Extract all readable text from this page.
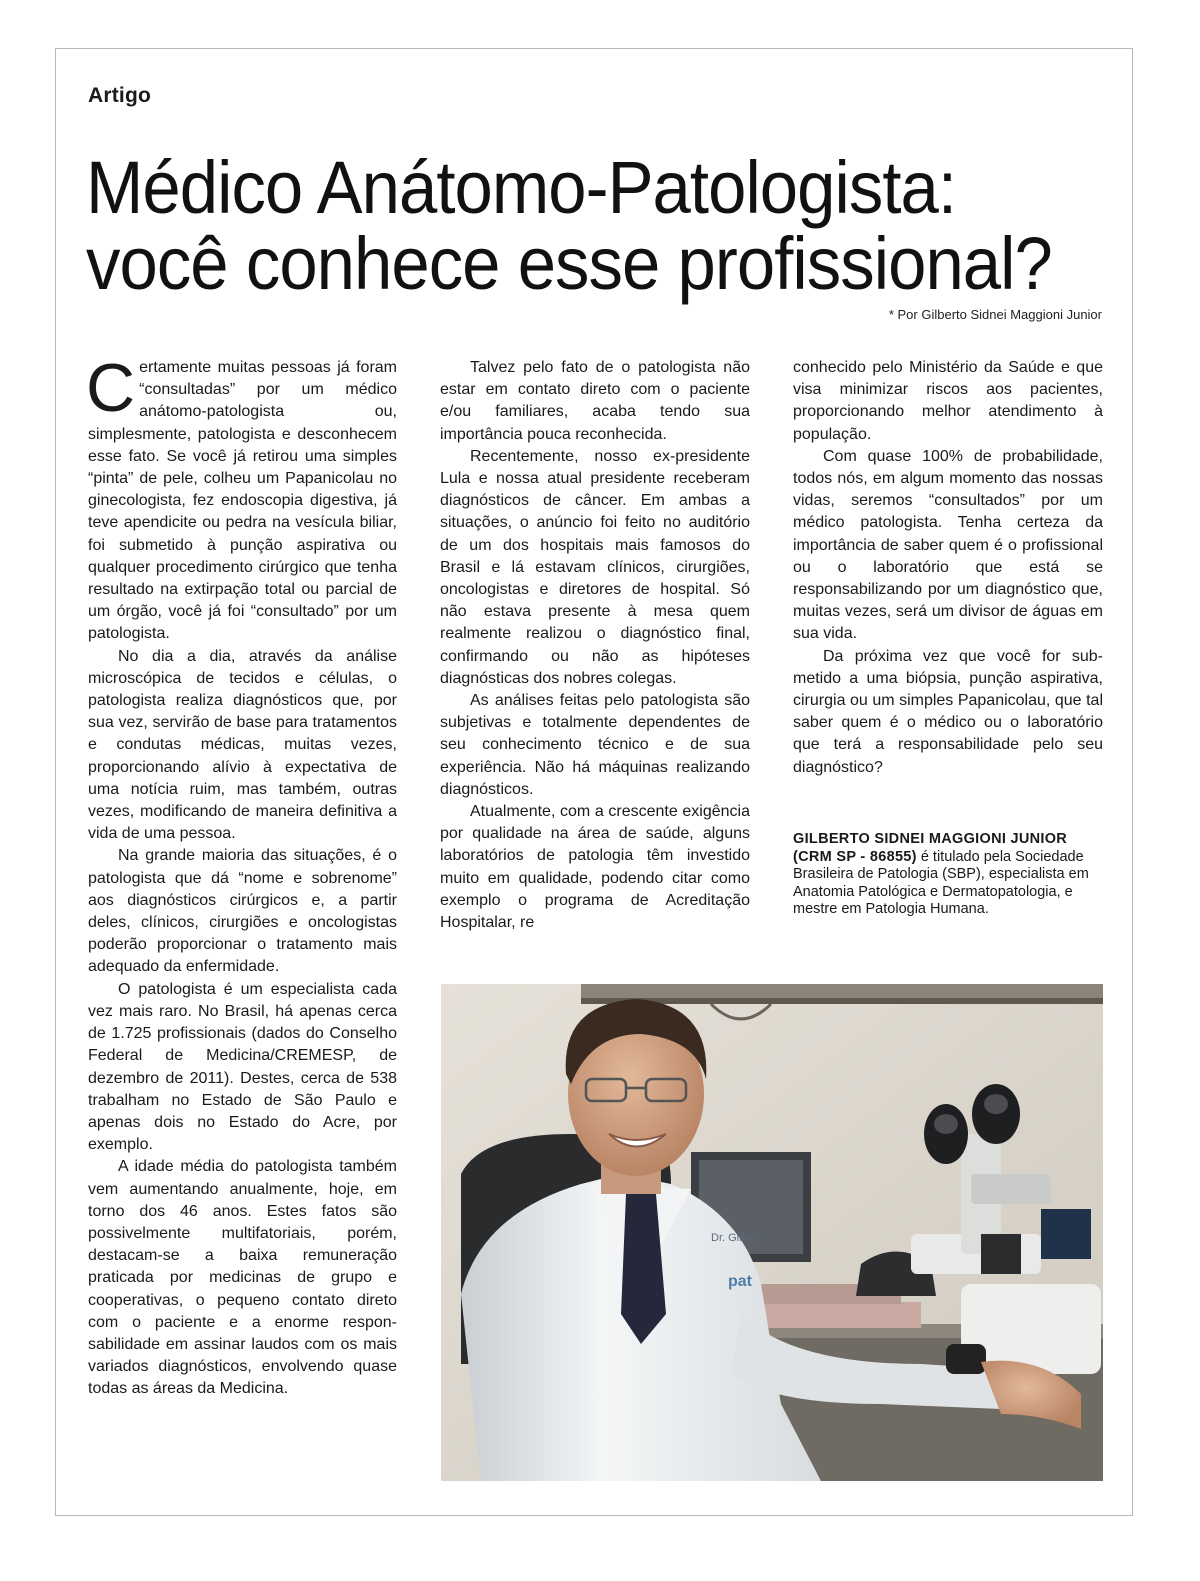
Artigo
Médico Anátomo-Patologista:
você conhece esse profissional?
* Por Gilberto Sidnei Maggioni Junior

Certamente muitas pessoas já foram “consultadas” por um médico anátomo-patologista ou, simplesmente, patologista e desconhecem esse fato. Se você já retirou uma simples “pinta” de pele, colheu um Papanicolau no ginecologista, fez endoscopia digestiva, já teve apendicite ou pedra na vesícula biliar, foi submetido à punção aspirativa ou qualquer procedimento cirúrgico que tenha resultado na extirpação total ou parcial de um órgão, você já foi “consultado” por um patologista.

No dia a dia, através da análise microscópica de tecidos e células, o patologista realiza diagnósticos que, por sua vez, servirão de base para tratamentos e condutas médicas, muitas vezes, proporcionando alívio à expectativa de uma notícia ruim, mas também, outras vezes, modificando de maneira definitiva a vida de uma pessoa.

Na grande maioria das situações, é o patologista que dá “nome e sobrenome” aos diagnósticos cirúrgicos e, a partir deles, clínicos, cirurgiões e oncologistas poderão proporcionar o tratamento mais adequado da enfermidade.

O patologista é um especialista cada vez mais raro. No Brasil, há apenas cerca de 1.725 profissionais (dados do Conselho Federal de Medicina/CREMESP, de dezembro de 2011). Destes, cerca de 538 trabalham no Estado de São Paulo e apenas dois no Estado do Acre, por exemplo.

A idade média do patologista também vem aumentando anualmente, hoje, em torno dos 46 anos. Estes fatos são possivelmente multifatoriais, porém, destacam-se a baixa remuneração praticada por medicinas de grupo e cooperativas, o pequeno contato direto com o paciente e a enorme responsabilidade em assinar laudos com os mais variados diagnósticos, envolvendo quase todas as áreas da Medicina.

Talvez pelo fato de o patologista não estar em contato direto com o paciente e/ou familiares, acaba tendo sua importância pouca reconhecida.

Recentemente, nosso ex-presidente Lula e nossa atual presidente receberam diagnósticos de câncer. Em ambas a situações, o anúncio foi feito no auditório de um dos hospitais mais famosos do Brasil e lá estavam clínicos, cirurgiões, oncologistas e diretores de hospital. Só não estava presente à mesa quem realmente realizou o diagnóstico final, confirmando ou não as hipóteses diagnósticas dos nobres colegas.

As análises feitas pelo patologista são subjetivas e totalmente dependentes de seu conhecimento técnico e de sua experiência. Não há máquinas realizando diagnósticos.

Atualmente, com a crescente exigência por qualidade na área de saúde, alguns laboratórios de patologia têm investido muito em qualidade, podendo citar como exemplo o programa de Acreditação Hospitalar, re

conhecido pelo Ministério da Saúde e que visa minimizar riscos aos pacientes, proporcionando melhor atendimento à população.

Com quase 100% de probabilidade, todos nós, em algum momento das nossas vidas, seremos “consultados” por um médico patologista. Tenha certeza da importância de saber quem é o profissional ou o laboratório que está se responsabilizando por um diagnóstico que, muitas vezes, será um divisor de águas em sua vida.

Da próxima vez que você for submetido a uma biópsia, punção aspirativa, cirurgia ou um simples Papanicolau, que tal saber quem é o médico ou o laboratório que terá a responsabilidade pelo seu diagnóstico?

GILBERTO SIDNEI MAGGIONI JUNIOR (CRM SP - 86855) é titulado pela Sociedade Brasileira de Patologia (SBP), especialista em Anatomia Patológica e Dermatopatologia, e mestre em Patologia Humana.
Dr. Gilbe
pat
